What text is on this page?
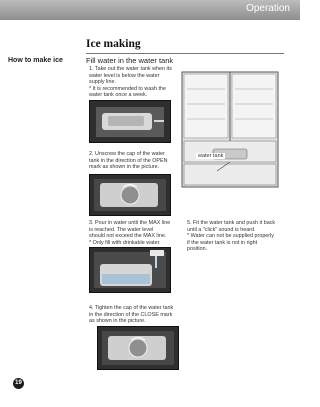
Operation
Ice making
How to make ice	Fill water in the water tank

1. Take out the water tank when its

water level is below the water

supply line.

* It is recommended to wash the

water tank once a week.

2. Unscrew the cap of the water

tank in the direction of the OPEN

mark as shown in the picture.

3. Pour in water until the MAX line

is reached. The water level

should not exceed the MAX line.

* Only fill with drinkable water.

4. Tighten the cap of the water tank

in the direction of the CLOSE mark

as shown in the picture.

5. Fit the water tank and push it back

until a "click" sound is heard.

* Water can not be supplied properly

if the water tank is not in right

position.

water tank
19
